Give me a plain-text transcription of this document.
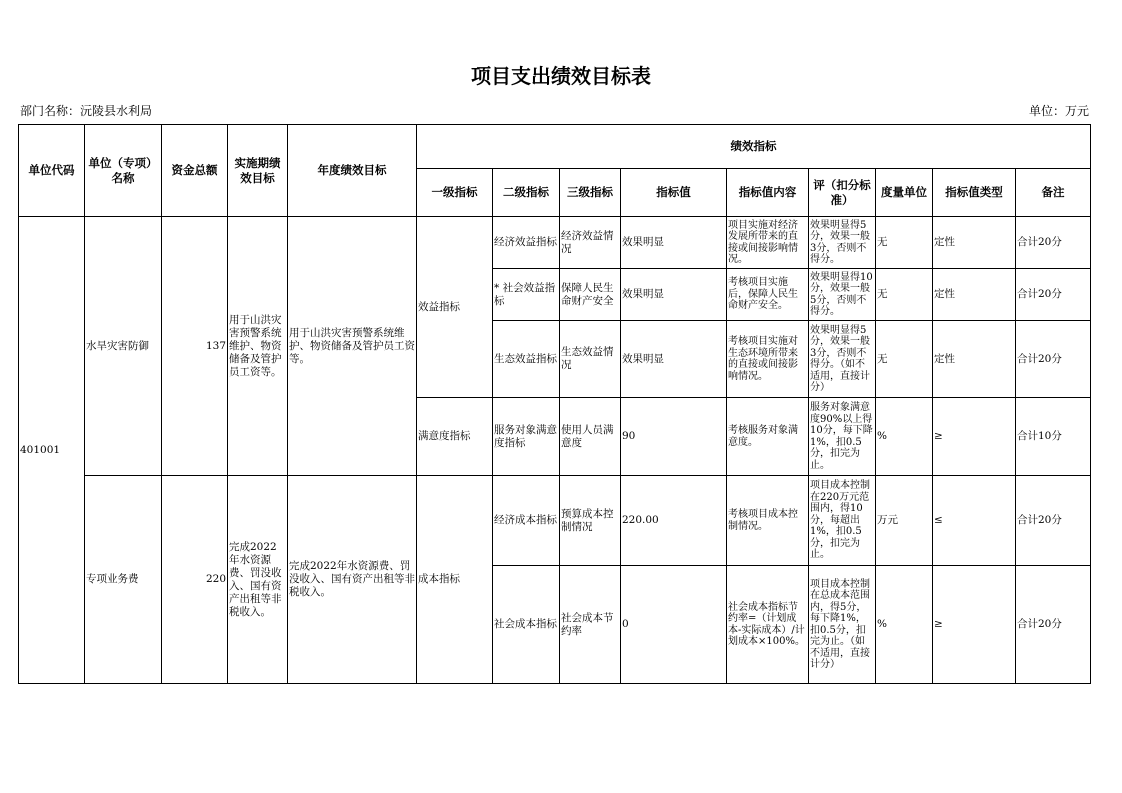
项目支出绩效目标表
部门名称：沅陵县水利局	单位：万元
单位代码	单位（专项）名称	资金总额	实施期绩效目标	年度绩效目标	绩效指标								
					一级指标	二级指标	三级指标	指标值	指标值内容	评（扣分标准）	度量单位	指标值类型	备注
401001	水旱灾害防御	137	用于山洪灾害预警系统维护、物资储备及管护员工资等。	用于山洪灾害预警系统维护、物资储备及管护员工资等。	效益指标	经济效益指标	经济效益情况	效果明显	项目实施对经济发展所带来的直接或间接影响情况。	效果明显得5分，效果一般3分，否则不得分。	无	定性	合计20分
						* 社会效益指标	保障人民生命财产安全	效果明显	考核项目实施后，保障人民生命财产安全。	效果明显得10分，效果一般5分，否则不得分。	无	定性	合计20分
						生态效益指标	生态效益情况	效果明显	考核项目实施对生态环境所带来的直接或间接影响情况。	效果明显得5分，效果一般3分，否则不得分。（如不适用，直接计分）	无	定性	合计20分
					满意度指标	服务对象满意度指标	使用人员满意度	90	考核服务对象满意度。	服务对象满意度90%以上得10分，每下降1%，扣0.5分，扣完为止。	%	≥	合计10分
	专项业务费	220	完成2022年水资源费、罚没收入、国有资产出租等非税收入。	完成2022年水资源费、罚没收入、国有资产出租等非税收入。	成本指标	经济成本指标	预算成本控制情况	220.00	考核项目成本控制情况。	项目成本控制在220万元范围内，得10分，每超出1%，扣0.5分，扣完为止。	万元	≤	合计20分
						社会成本指标	社会成本节约率	0	社会成本指标节约率=（计划成本-实际成本）/计划成本×100%。	项目成本控制在总成本范围内，得5分，每下降1%，扣0.5分，扣完为止。（如不适用，直接计分）	%	≥	合计20分
